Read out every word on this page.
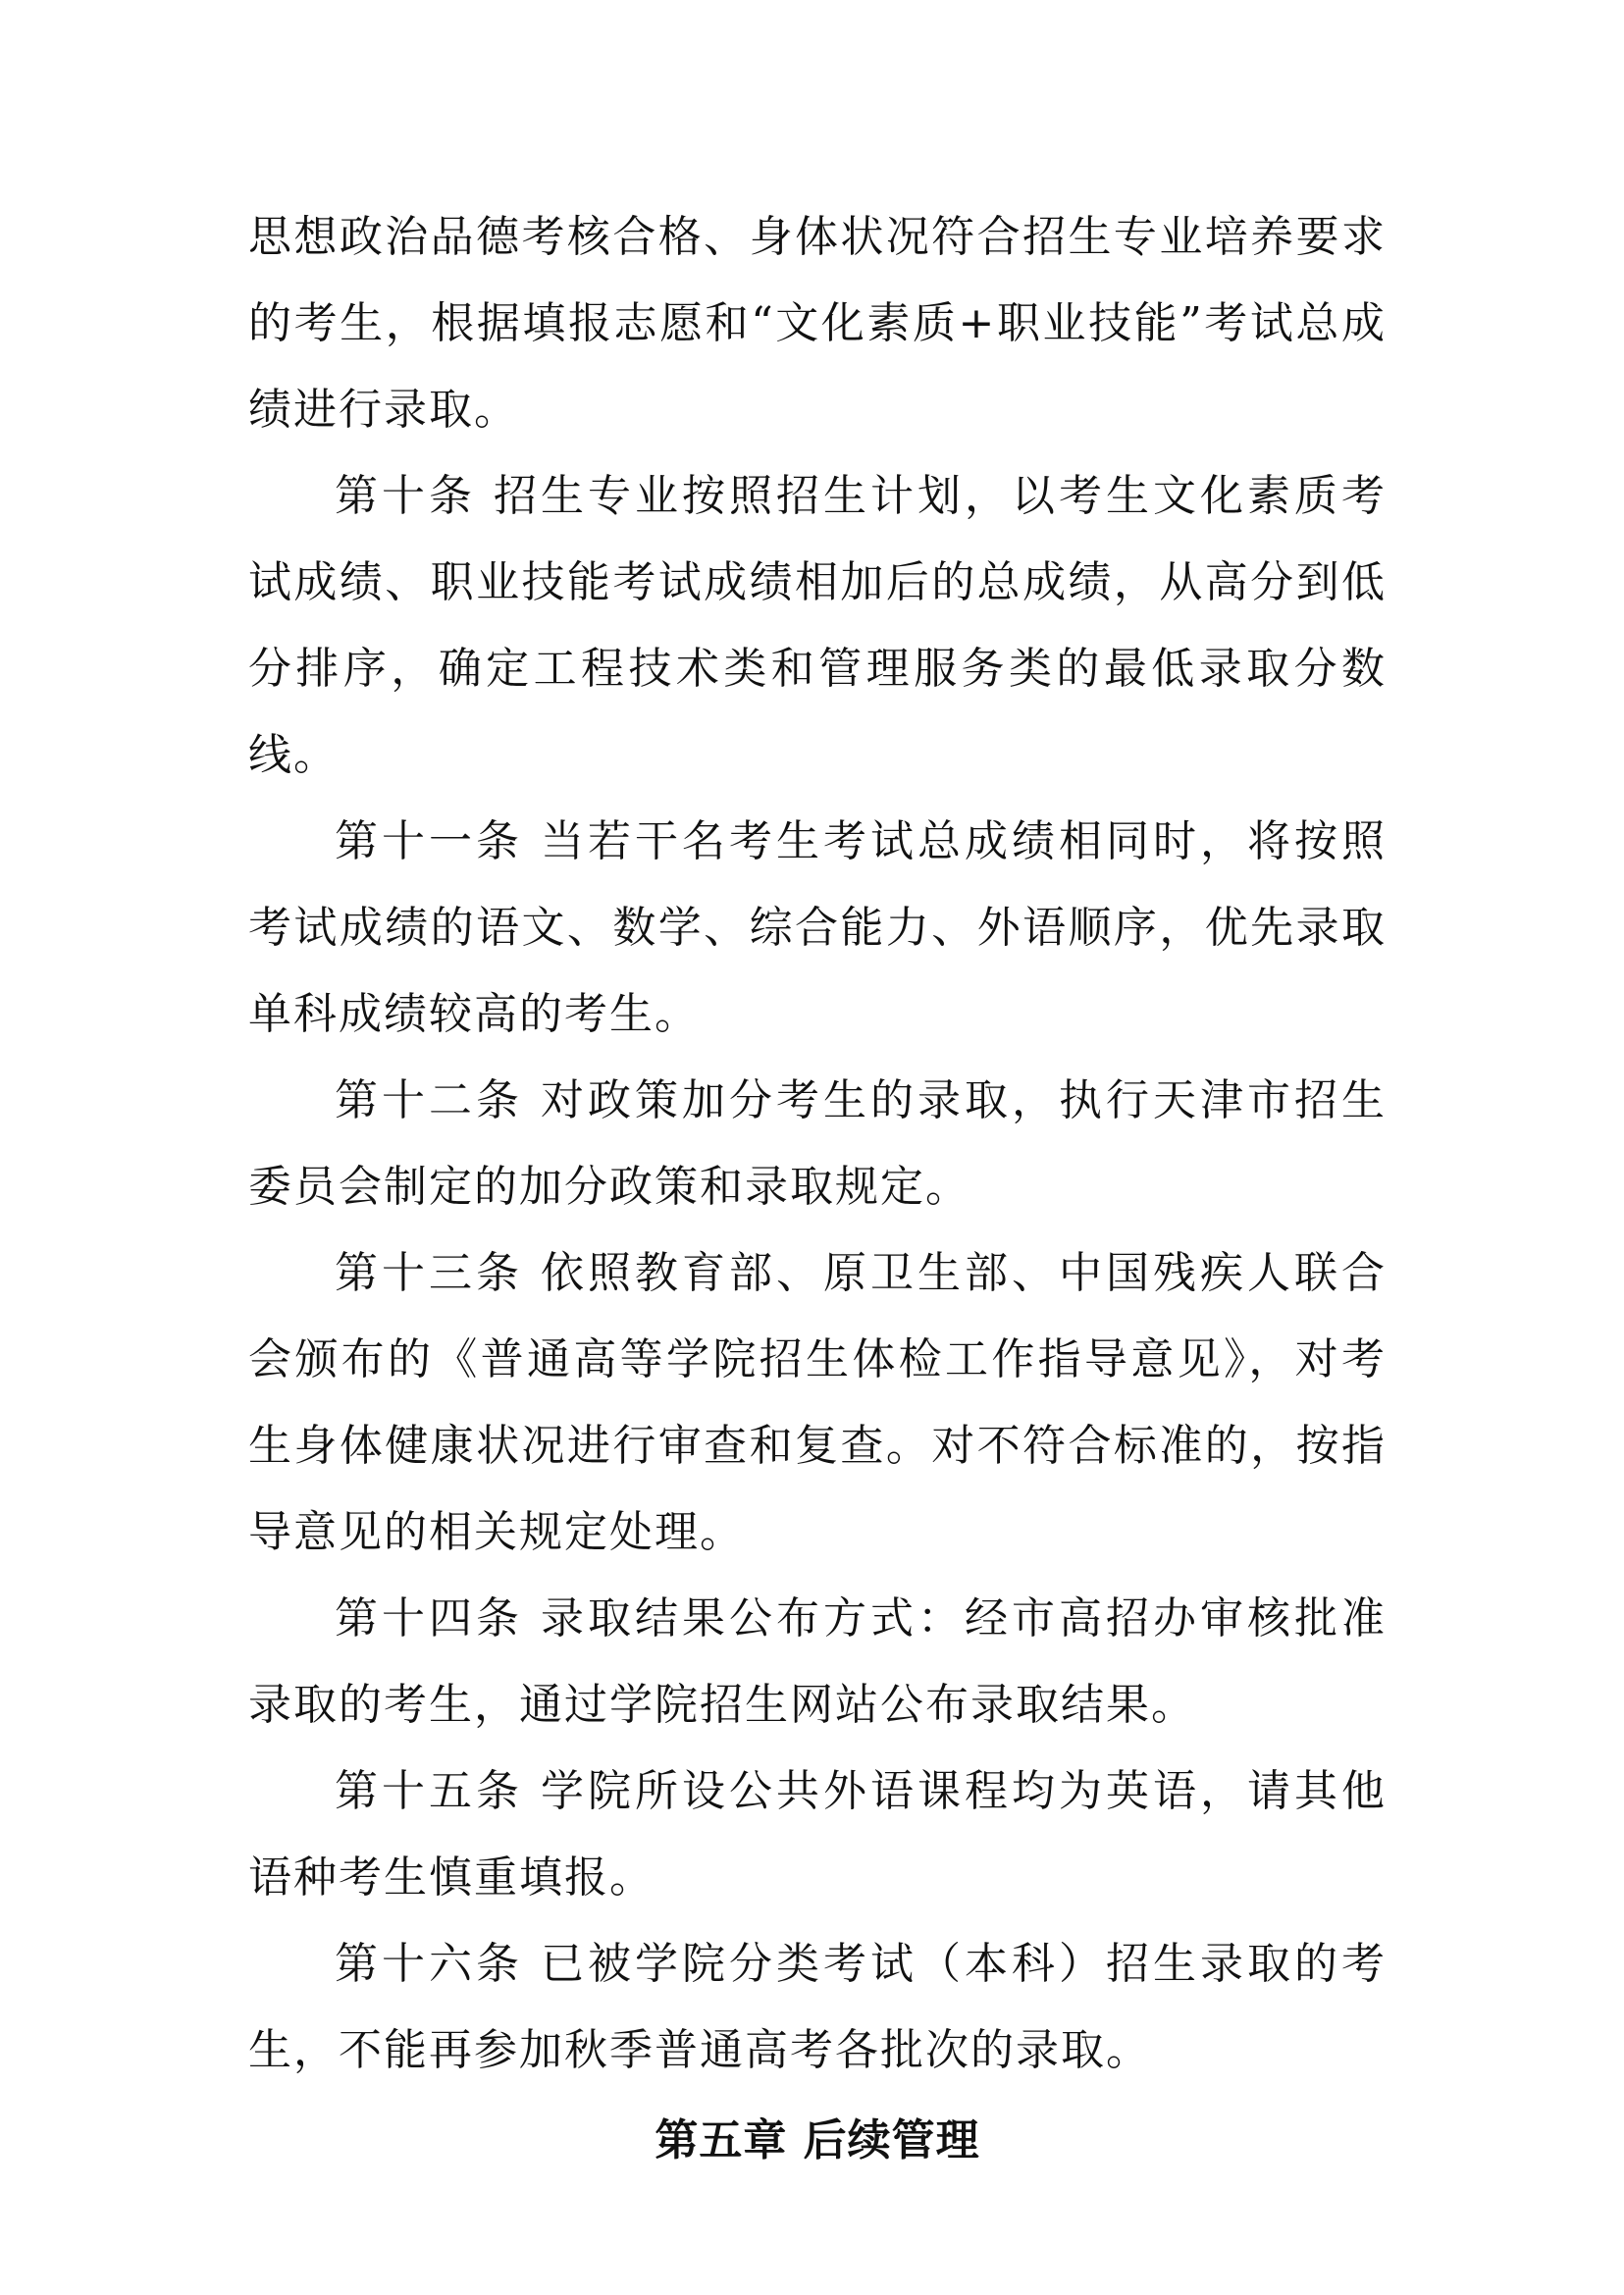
思想政治品德考核合格、身体状况符合招生专业培养要求的考生，根据填报志愿和“文化素质+职业技能”考试总成绩进行录取。

第十条 招生专业按照招生计划，以考生文化素质考试成绩、职业技能考试成绩相加后的总成绩，从高分到低分排序，确定工程技术类和管理服务类的最低录取分数线。

第十一条 当若干名考生考试总成绩相同时，将按照考试成绩的语文、数学、综合能力、外语顺序，优先录取单科成绩较高的考生。

第十二条 对政策加分考生的录取，执行天津市招生委员会制定的加分政策和录取规定。

第十三条 依照教育部、原卫生部、中国残疾人联合会颁布的《普通高等学院招生体检工作指导意见》，对考生身体健康状况进行审查和复查。对不符合标准的，按指导意见的相关规定处理。

第十四条 录取结果公布方式：经市高招办审核批准录取的考生，通过学院招生网站公布录取结果。

第十五条 学院所设公共外语课程均为英语，请其他语种考生慎重填报。

第十六条 已被学院分类考试（本科）招生录取的考生，不能再参加秋季普通高考各批次的录取。

第五章 后续管理
